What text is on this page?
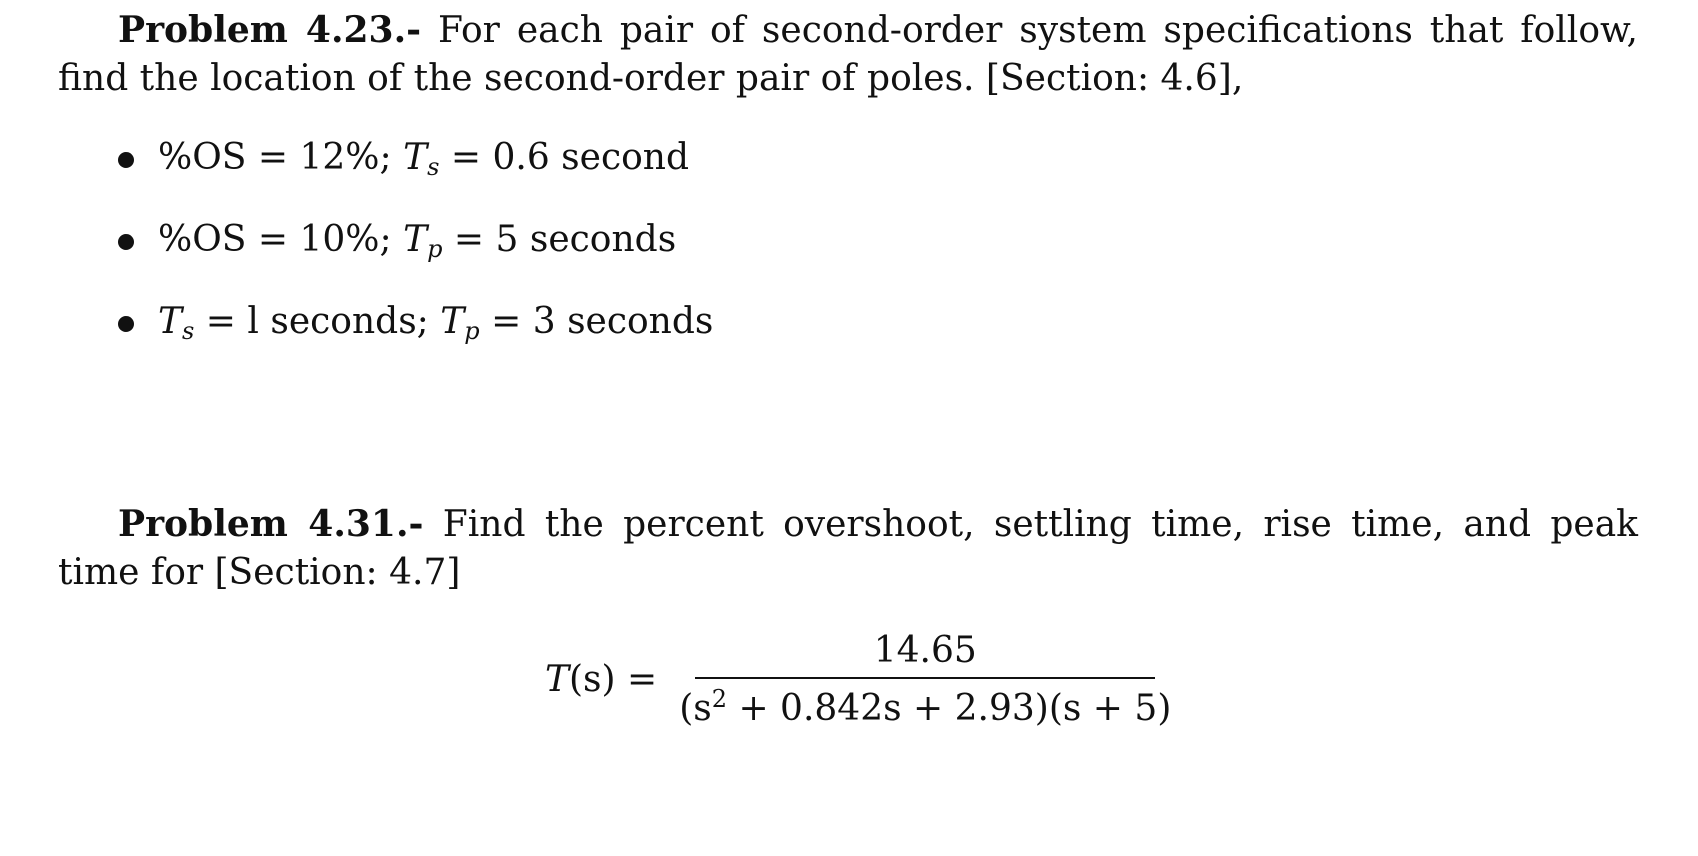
Problem 4.23.- For each pair of second-order system specifications that follow, find the location of the second-order pair of poles. [Section: 4.6],
%OS = 12%; $T_s = 0.6$ second
%OS = 10%; $T_p = 5$ seconds
$T_s = l$ seconds; $T_p = 3$ seconds
Problem 4.31.- Find the percent overshoot, settling time, rise time, and peak time for [Section: 4.7]
$T(s) = \frac{14.65}{(s^2 + 0.842s + 2.93)(s + 5)}$
